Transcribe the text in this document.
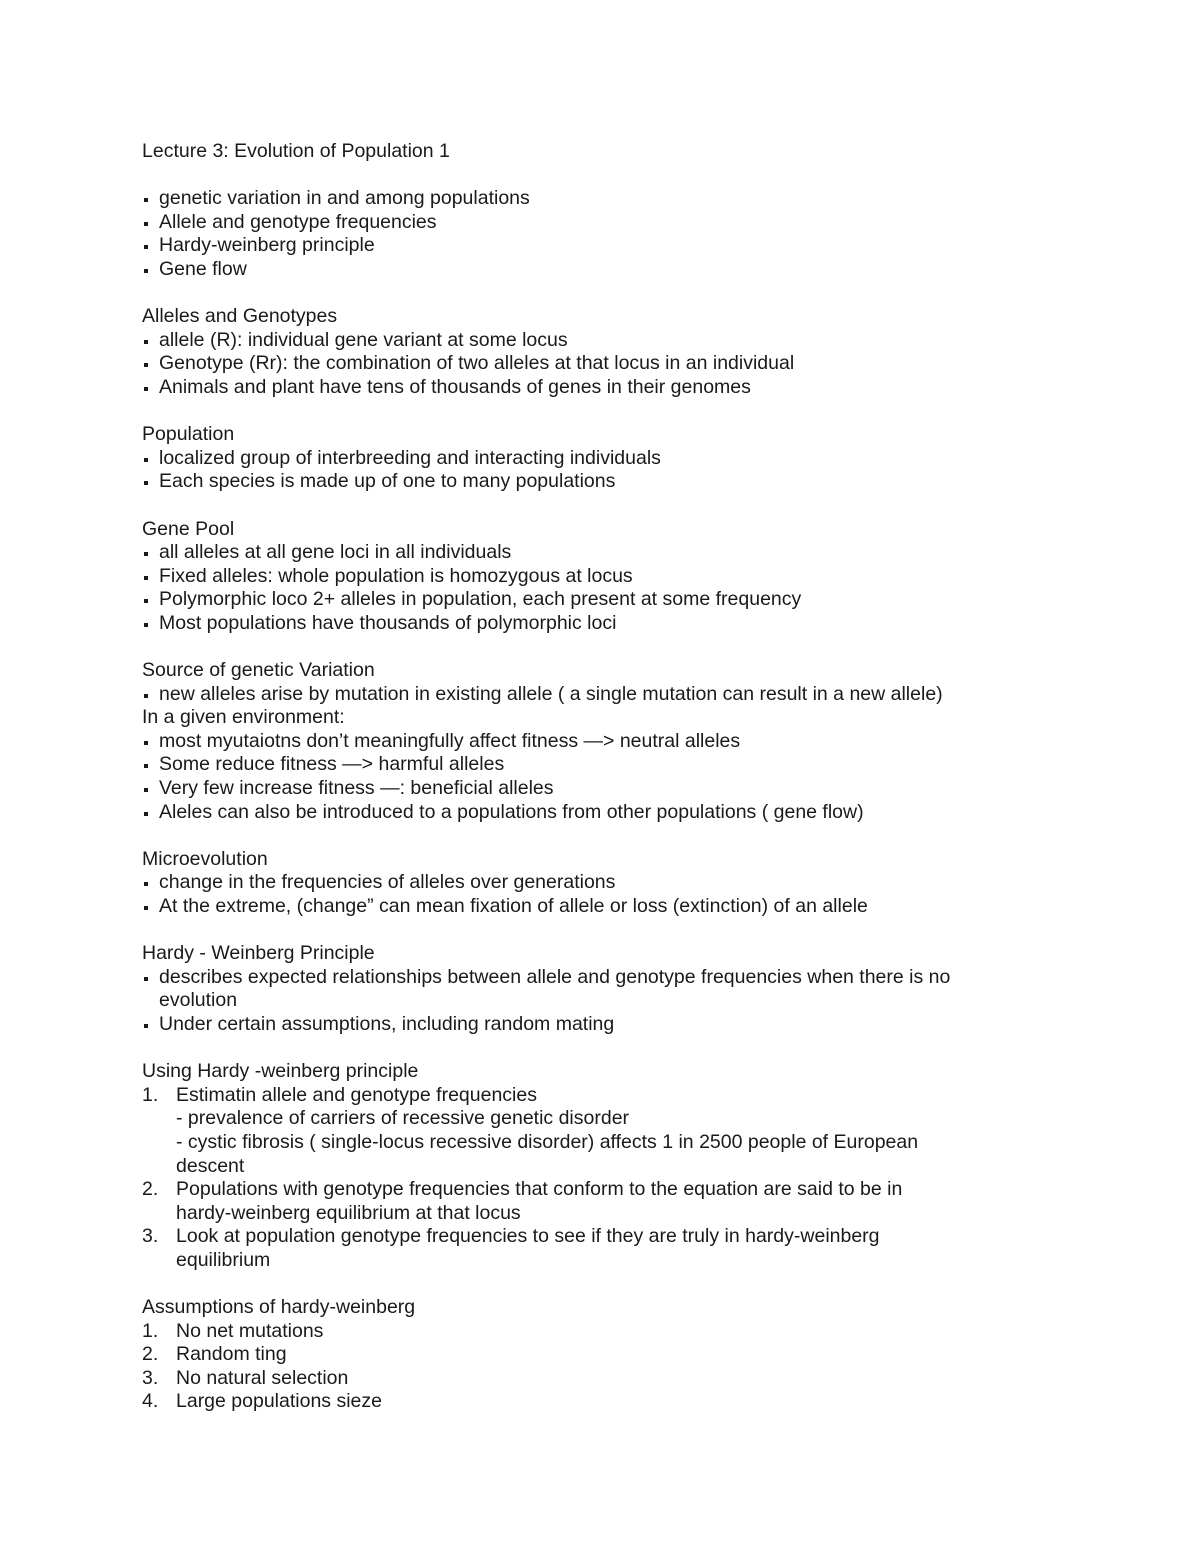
Lecture 3: Evolution of Population 1
genetic variation in and among populations
Allele and genotype frequencies
Hardy-weinberg principle
Gene flow
Alleles and Genotypes
allele (R): individual gene variant at some locus
Genotype (Rr): the combination of two alleles at that locus in an individual
Animals and plant have tens of thousands of genes in their genomes
Population
localized group of interbreeding and interacting individuals
Each species is made up of one to many populations
Gene Pool
all alleles at all gene loci in all individuals
Fixed alleles: whole population is homozygous at locus
Polymorphic loco 2+ alleles in population, each present at some frequency
Most populations have thousands of polymorphic loci
Source of genetic Variation
new alleles arise by mutation in existing allele ( a single mutation can result in a new allele)
In a given environment:
most myutaiotns don’t meaningfully affect fitness —> neutral alleles
Some reduce fitness —> harmful alleles
Very few increase fitness —: beneficial alleles
Aleles can also be introduced to a populations from other populations ( gene flow)
Microevolution
change in the frequencies of alleles over generations
At the extreme, (change” can mean fixation of allele or loss (extinction) of an allele
Hardy - Weinberg Principle
describes expected relationships between allele and genotype frequencies when there is no
evolution
Under certain assumptions, including random mating
Using Hardy -weinberg principle
1. Estimatin allele and genotype frequencies
- prevalence of carriers of recessive genetic disorder
- cystic fibrosis ( single-locus recessive disorder) affects 1 in 2500 people of European
descent
2. Populations with genotype frequencies that conform to the equation are said to be in
hardy-weinberg equilibrium at that locus
3. Look at population genotype frequencies to see if they are truly in hardy-weinberg
equilibrium
Assumptions of hardy-weinberg
1. No net mutations
2. Random ting
3. No natural selection
4. Large populations sieze
